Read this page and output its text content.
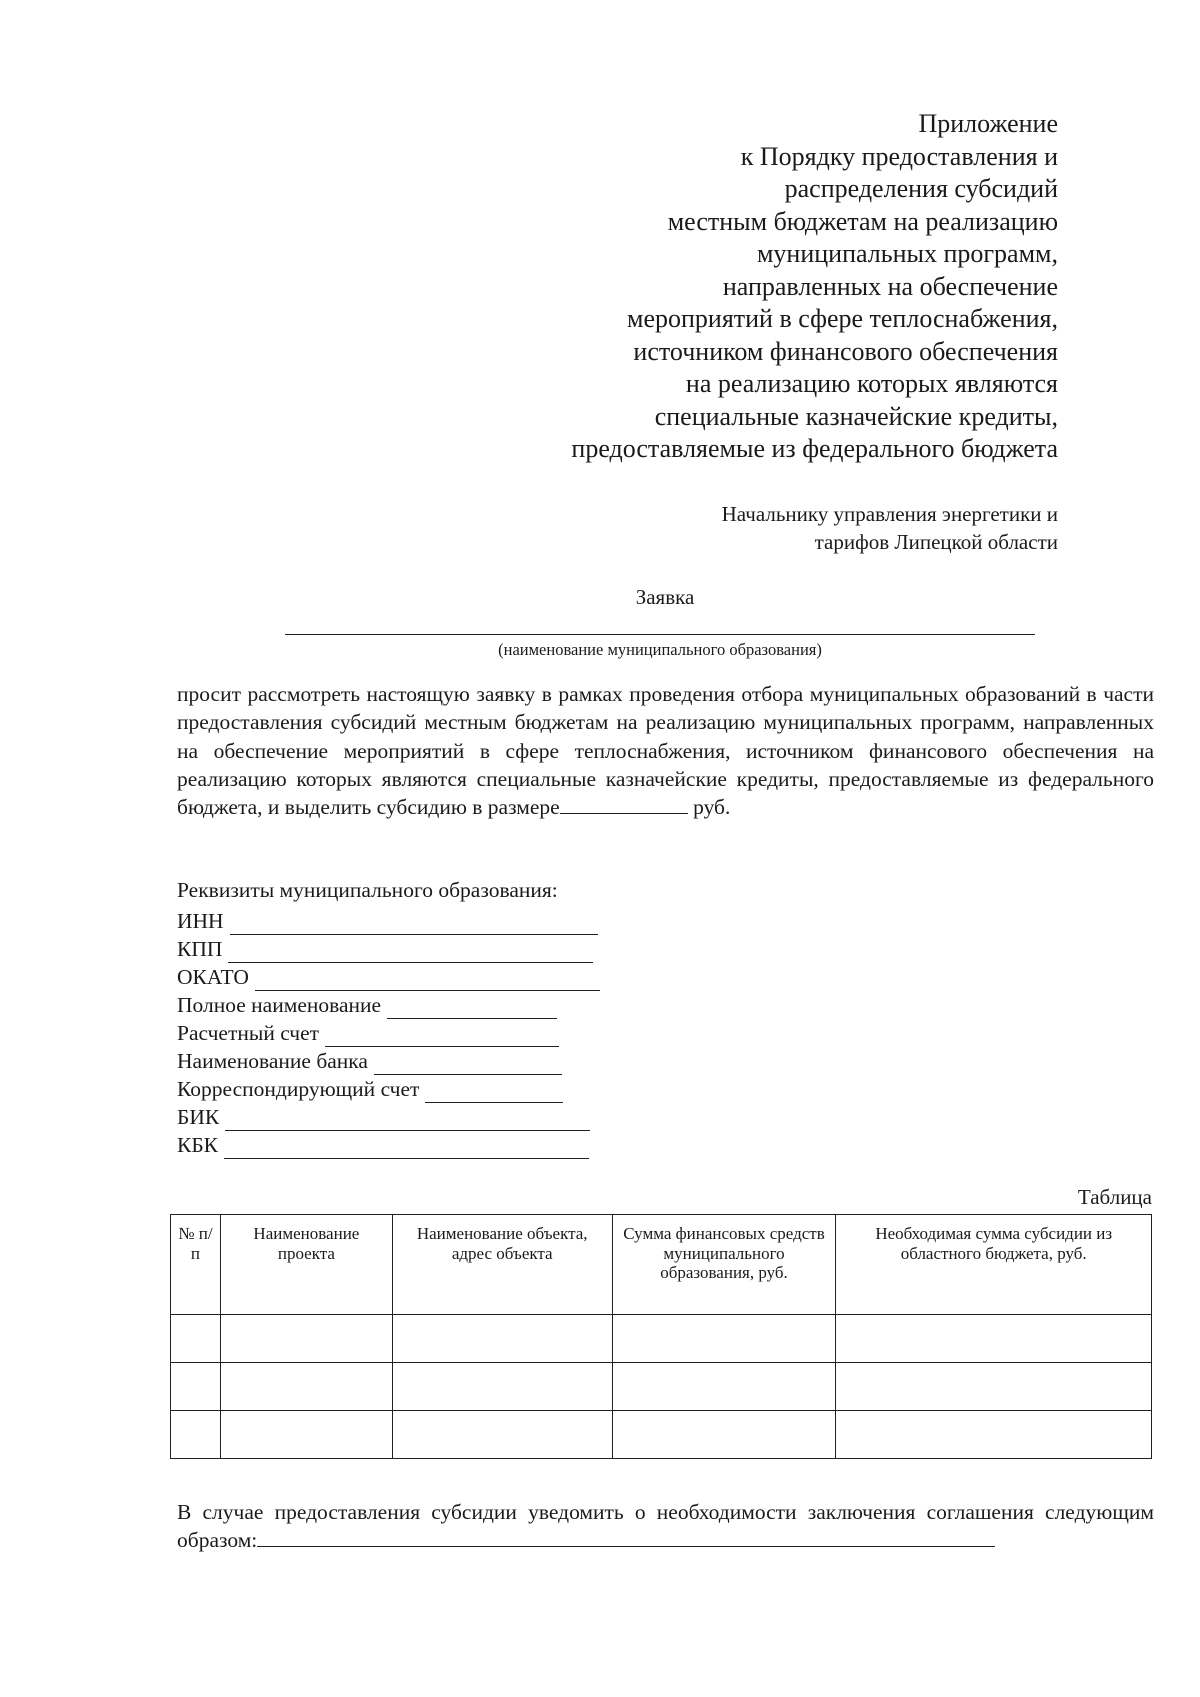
Приложение
к Порядку предоставления и
распределения субсидий
местным бюджетам на реализацию
муниципальных программ,
направленных на обеспечение
мероприятий в сфере теплоснабжения,
источником финансового обеспечения
на реализацию которых являются
специальные казначейские кредиты,
предоставляемые из федерального бюджета
Начальнику управления энергетики и
тарифов Липецкой области
Заявка
(наименование муниципального образования)

просит рассмотреть настоящую заявку в рамках проведения отбора муниципальных образований в части предоставления субсидий местным бюджетам на реализацию муниципальных программ, направленных на обеспечение мероприятий в сфере теплоснабжения, источником финансового обеспечения на реализацию которых являются специальные казначейские кредиты, предоставляемые из федерального бюджета, и выделить субсидию в размере	руб.

Реквизиты муниципального образования:
ИНН
КПП
ОКАТО
Полное наименование
Расчетный счет
Наименование банка
Корреспондирующий счет
БИК
КБК
Таблица
№ п/п	Наименование проекта	Наименование объекта, адрес объекта	Сумма финансовых средств муниципального образования, руб.	Необходимая сумма субсидии из областного бюджета, руб.

В случае предоставления субсидии уведомить о необходимости заключения соглашения следующим образом:
